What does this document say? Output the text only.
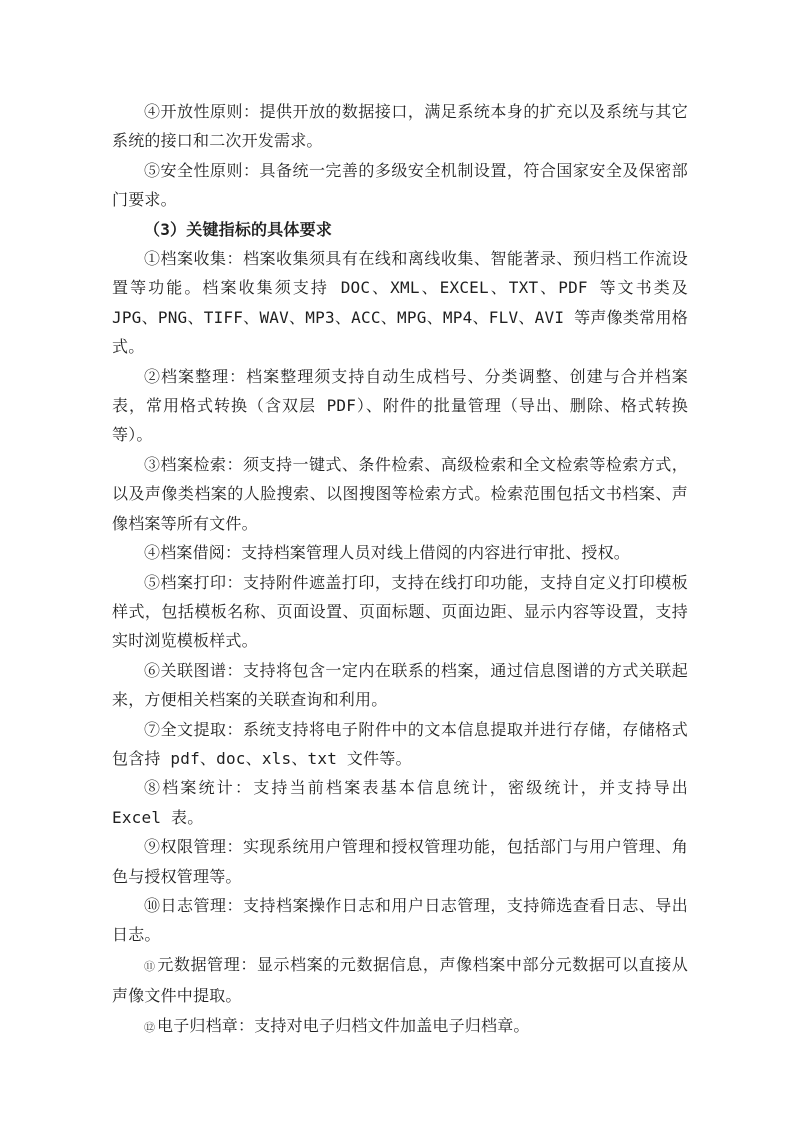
④开放性原则：提供开放的数据接口，满足系统本身的扩充以及系统与其它系统的接口和二次开发需求。

⑤安全性原则：具备统一完善的多级安全机制设置，符合国家安全及保密部门要求。

（3）关键指标的具体要求

①档案收集：档案收集须具有在线和离线收集、智能著录、预归档工作流设置等功能。档案收集须支持 DOC、XML、EXCEL、TXT、PDF 等文书类及 JPG、PNG、TIFF、WAV、MP3、ACC、MPG、MP4、FLV、AVI 等声像类常用格式。

②档案整理：档案整理须支持自动生成档号、分类调整、创建与合并档案表，常用格式转换（含双层 PDF）、附件的批量管理（导出、删除、格式转换等）。

③档案检索：须支持一键式、条件检索、高级检索和全文检索等检索方式，以及声像类档案的人脸搜索、以图搜图等检索方式。检索范围包括文书档案、声像档案等所有文件。

④档案借阅：支持档案管理人员对线上借阅的内容进行审批、授权。

⑤档案打印：支持附件遮盖打印，支持在线打印功能，支持自定义打印模板样式，包括模板名称、页面设置、页面标题、页面边距、显示内容等设置，支持实时浏览模板样式。

⑥关联图谱：支持将包含一定内在联系的档案，通过信息图谱的方式关联起来，方便相关档案的关联查询和利用。

⑦全文提取：系统支持将电子附件中的文本信息提取并进行存储，存储格式包含持 pdf、doc、xls、txt 文件等。

⑧档案统计：支持当前档案表基本信息统计，密级统计，并支持导出 Excel 表。

⑨权限管理：实现系统用户管理和授权管理功能，包括部门与用户管理、角色与授权管理等。

⑩日志管理：支持档案操作日志和用户日志管理，支持筛选查看日志、导出日志。

⑪ 元数据管理：显示档案的元数据信息，声像档案中部分元数据可以直接从声像文件中提取。

⑫ 电子归档章：支持对电子归档文件加盖电子归档章。
